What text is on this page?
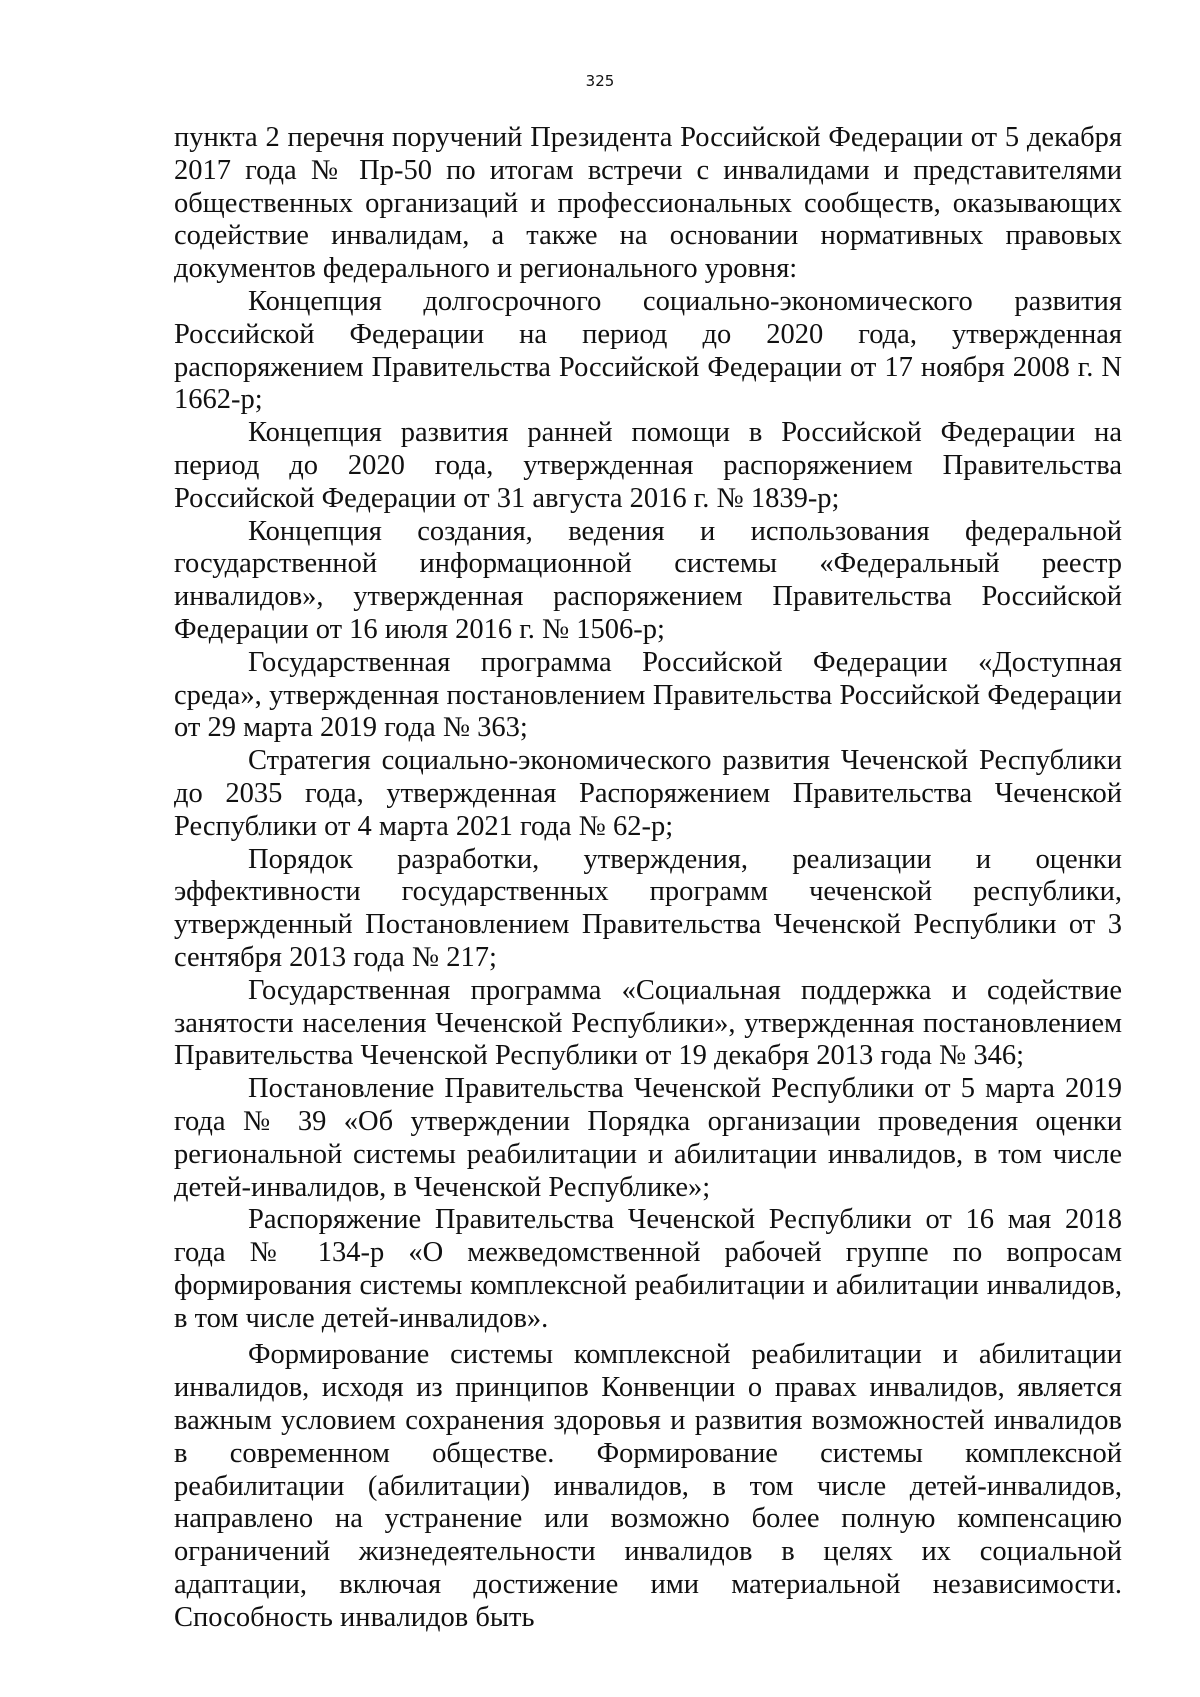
325

пункта 2 перечня поручений Президента Российской Федерации от 5 декабря 2017 года № Пр-50 по итогам встречи с инвалидами и представителями общественных организаций и профессиональных сообществ, оказывающих содействие инвалидам, а также на основании нормативных правовых документов федерального и регионального уровня:

Концепция долгосрочного социально-экономического развития Российской Федерации на период до 2020 года, утвержденная распоряжением Правительства Российской Федерации от 17 ноября 2008 г. N 1662-р;

Концепция развития ранней помощи в Российской Федерации на период до 2020 года, утвержденная распоряжением Правительства Российской Федерации от 31 августа 2016 г. № 1839-р;

Концепция создания, ведения и использования федеральной государственной информационной системы «Федеральный реестр инвалидов», утвержденная распоряжением Правительства Российской Федерации от 16 июля 2016 г. № 1506-р;

Государственная программа Российской Федерации «Доступная среда», утвержденная постановлением Правительства Российской Федерации от 29 марта 2019 года № 363;

Стратегия социально-экономического развития Чеченской Республики до 2035 года, утвержденная Распоряжением Правительства Чеченской Республики от 4 марта 2021 года № 62-р;

Порядок разработки, утверждения, реализации и оценки эффективности государственных программ чеченской республики, утвержденный Постановлением Правительства Чеченской Республики от 3 сентября 2013 года № 217;

Государственная программа «Социальная поддержка и содействие занятости населения Чеченской Республики», утвержденная постановлением Правительства Чеченской Республики от 19 декабря 2013 года № 346;

Постановление Правительства Чеченской Республики от 5 марта 2019 года № 39 «Об утверждении Порядка организации проведения оценки региональной системы реабилитации и абилитации инвалидов, в том числе детей-инвалидов, в Чеченской Республике»;

Распоряжение Правительства Чеченской Республики от 16 мая 2018 года № 134-р «О межведомственной рабочей группе по вопросам формирования системы комплексной реабилитации и абилитации инвалидов, в том числе детей-инвалидов».

Формирование системы комплексной реабилитации и абилитации инвалидов, исходя из принципов Конвенции о правах инвалидов, является важным условием сохранения здоровья и развития возможностей инвалидов в современном обществе. Формирование системы комплексной реабилитации (абилитации) инвалидов, в том числе детей-инвалидов, направлено на устранение или возможно более полную компенсацию ограничений жизнедеятельности инвалидов в целях их социальной адаптации, включая достижение ими материальной независимости. Способность инвалидов быть
